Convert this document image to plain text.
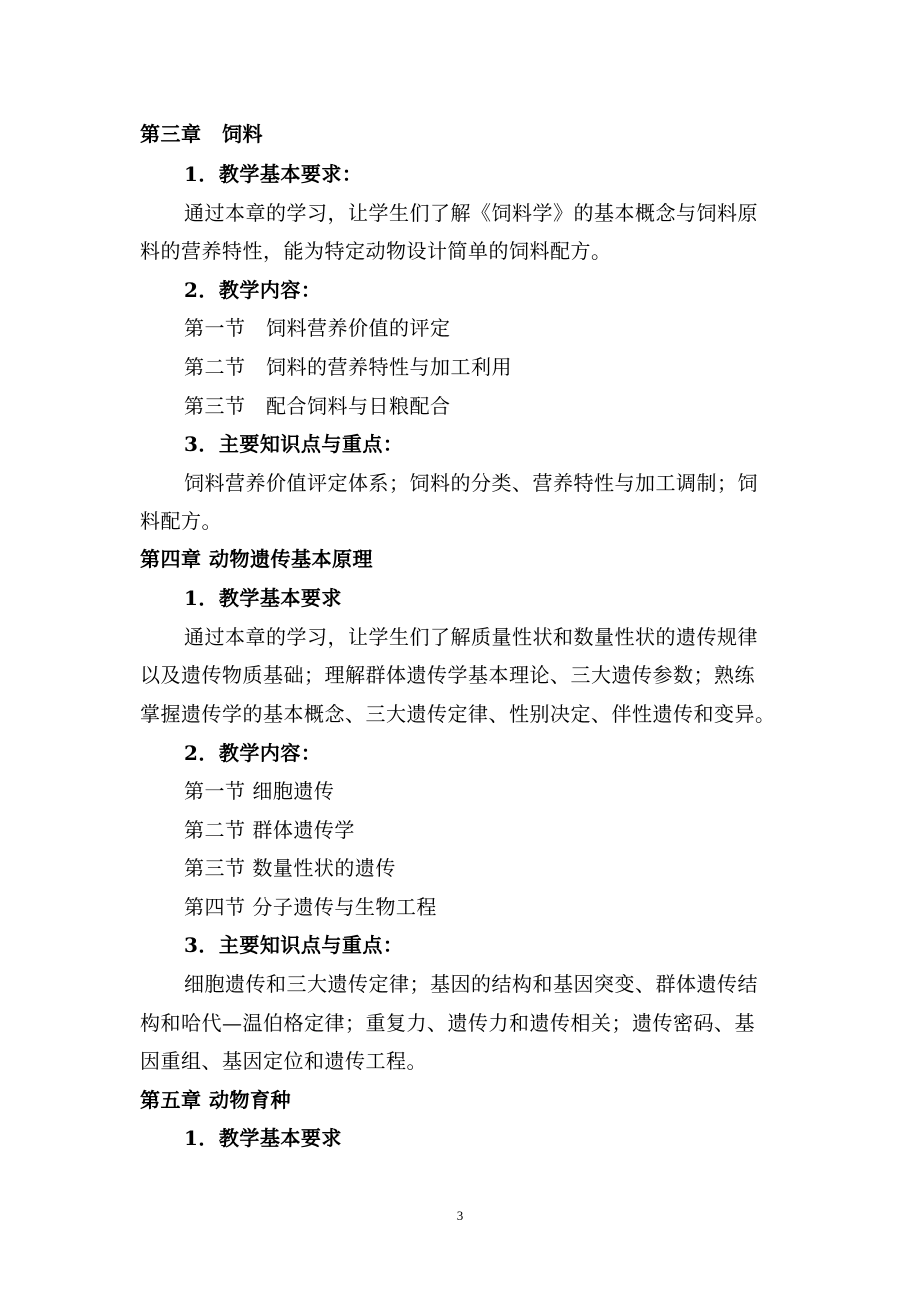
第三章　饲料
1．教学基本要求：
通过本章的学习，让学生们了解《饲料学》的基本概念与饲料原
料的营养特性，能为特定动物设计简单的饲料配方。
2．教学内容：
第一节　饲料营养价值的评定
第二节　饲料的营养特性与加工利用
第三节　配合饲料与日粮配合
3．主要知识点与重点：
饲料营养价值评定体系；饲料的分类、营养特性与加工调制；饲
料配方。
第四章 动物遗传基本原理
1．教学基本要求
通过本章的学习，让学生们了解质量性状和数量性状的遗传规律
以及遗传物质基础；理解群体遗传学基本理论、三大遗传参数；熟练
掌握遗传学的基本概念、三大遗传定律、性别决定、伴性遗传和变异。
2．教学内容：
第一节 细胞遗传
第二节 群体遗传学
第三节 数量性状的遗传
第四节 分子遗传与生物工程
3．主要知识点与重点：
细胞遗传和三大遗传定律；基因的结构和基因突变、群体遗传结
构和哈代—温伯格定律；重复力、遗传力和遗传相关；遗传密码、基
因重组、基因定位和遗传工程。
第五章 动物育种
1．教学基本要求
3
